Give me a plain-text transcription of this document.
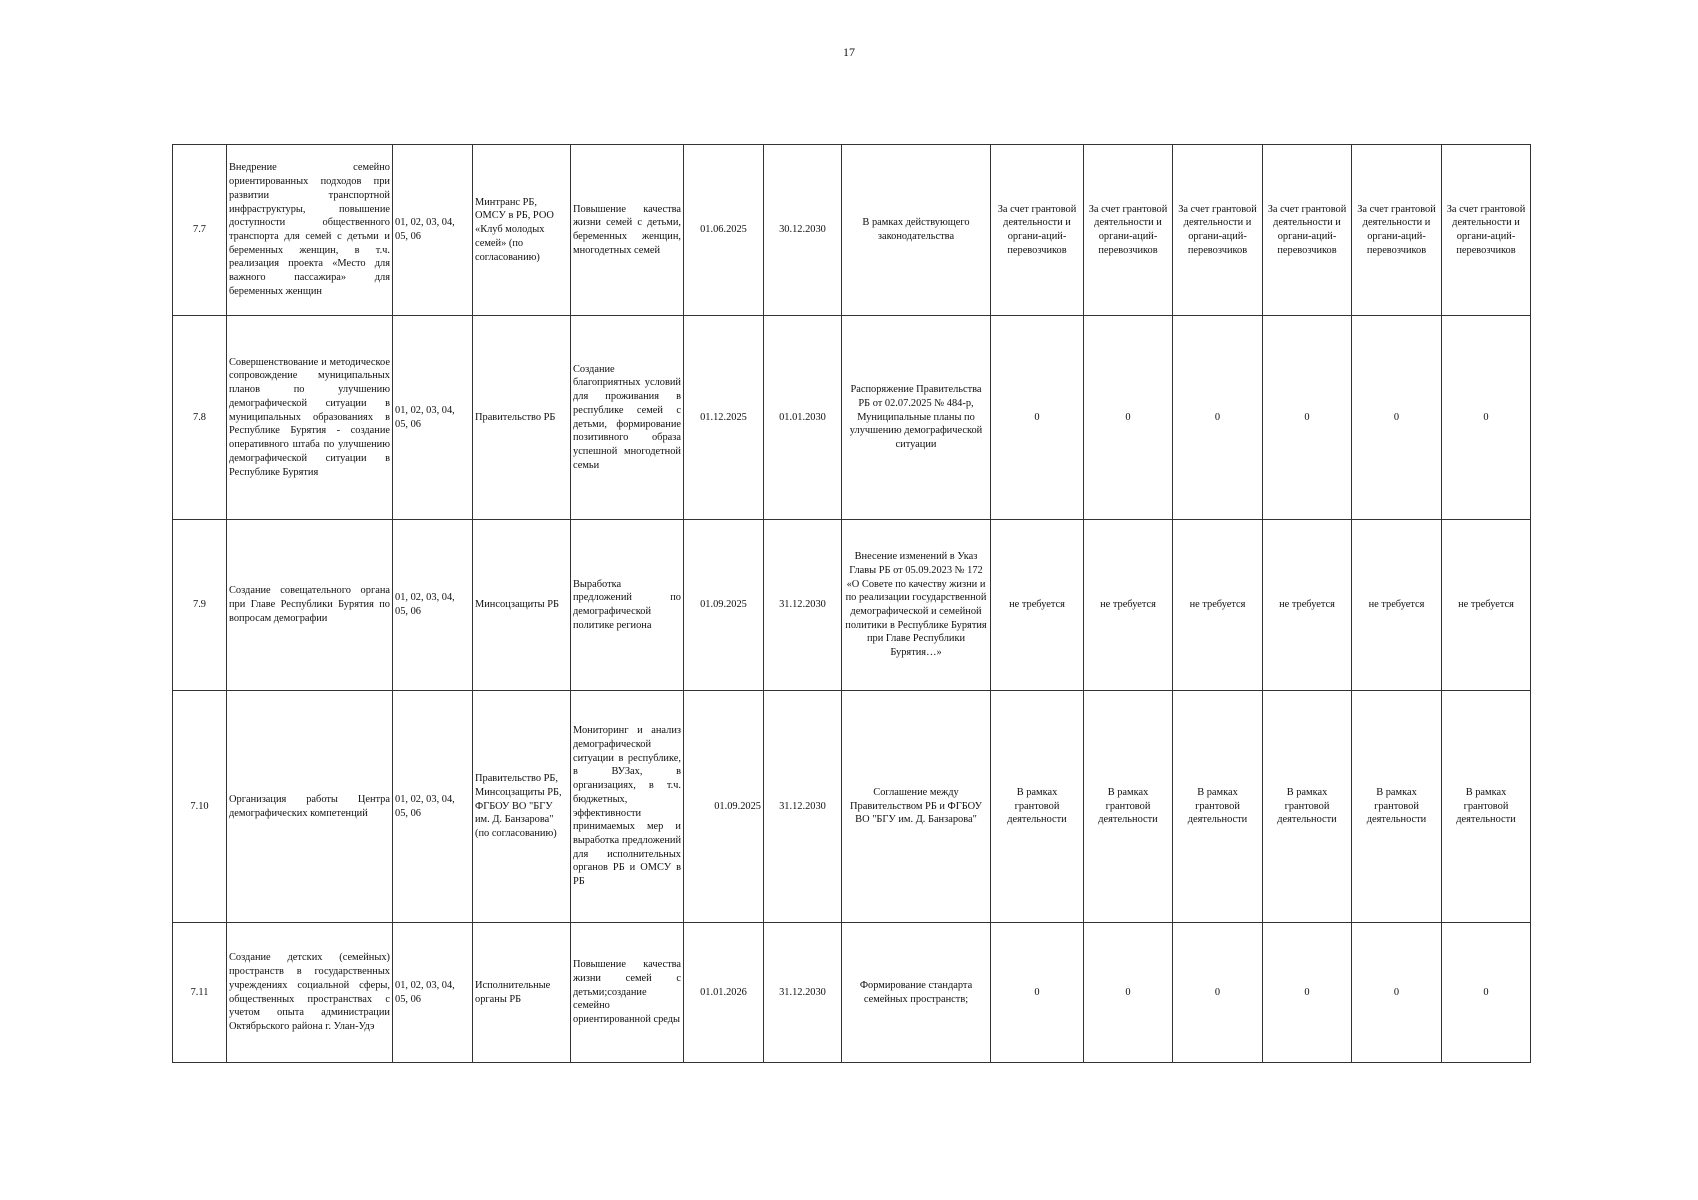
17
7.7	Внедрение семейно ориентированных подходов при развитии транспортной инфраструктуры, повышение доступности общественного транспорта для семей с детьми и беременных женщин, в т.ч. реализация проекта «Место для важного пассажира» для беременных женщин	01, 02, 03, 04, 05, 06	Минтранс РБ, ОМСУ в РБ, РОО «Клуб молодых семей» (по согласованию)	Повышение качества жизни семей с детьми, беременных женщин, многодетных семей	01.06.2025	30.12.2030	В рамках действующего законодательства	За счет грантовой деятельности и органи-аций-перевозчиков	За счет грантовой деятельности и органи-аций-перевозчиков	За счет грантовой деятельности и органи-аций-перевозчиков	За счет грантовой деятельности и органи-аций-перевозчиков	За счет грантовой деятельности и органи-аций-перевозчиков	За счет грантовой деятельности и органи-аций-перевозчиков
7.8	Совершенствование и методическое сопровождение муниципальных планов по улучшению демографической ситуации в муниципальных образованиях в Республике Бурятия - создание оперативного штаба по улучшению демографической ситуации в Республике Бурятия	01, 02, 03, 04, 05, 06	Правительство РБ	Создание благоприятных условий для проживания в республике семей с детьми, формирование позитивного образа успешной многодетной семьи	01.12.2025	01.01.2030	Распоряжение Правительства РБ от 02.07.2025 № 484-р, Муниципальные планы по улучшению демографической ситуации	0	0	0	0	0	0
7.9	Создание совещательного органа при Главе Республики Бурятия по вопросам демографии	01, 02, 03, 04, 05, 06	Минсоцзащиты РБ	Выработка предложений по демографической политике региона	01.09.2025	31.12.2030	Внесение изменений в Указ Главы РБ от 05.09.2023 № 172 «О Совете по качеству жизни и по реализации государственной демографической и семейной политики в Республике Бурятия при Главе Республики Бурятия…»	не требуется	не требуется	не требуется	не требуется	не требуется	не требуется
7.10	Организация работы Центра демографических компетенций	01, 02, 03, 04, 05, 06	Правительство РБ, Минсоцзащиты РБ, ФГБОУ ВО "БГУ им. Д. Банзарова" (по согласованию)	Мониторинг и анализ демографической ситуации в республике, в ВУЗах, в организациях, в т.ч. бюджетных, эффективности принимаемых мер и выработка предложений для исполнительных органов РБ и ОМСУ в РБ	01.09.2025	31.12.2030	Соглашение между Правительством РБ и ФГБОУ ВО "БГУ им. Д. Банзарова"	В рамках грантовой деятельности	В рамках грантовой деятельности	В рамках грантовой деятельности	В рамках грантовой деятельности	В рамках грантовой деятельности	В рамках грантовой деятельности
7.11	Создание детских (семейных) пространств в государственных учреждениях социальной сферы, общественных пространствах с учетом опыта администрации Октябрьского района г. Улан-Удэ	01, 02, 03, 04, 05, 06	Исполнительные органы РБ	Повышение качества жизни семей с детьми;создание семейно ориентированной среды	01.01.2026	31.12.2030	Формирование стандарта семейных пространств;	0	0	0	0	0	0
